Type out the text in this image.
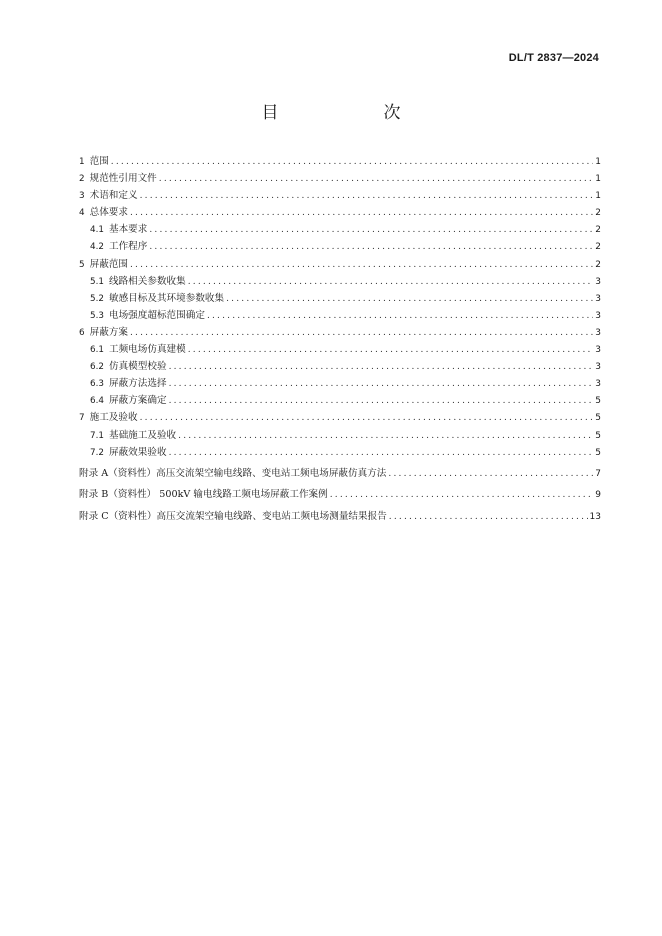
DL/T 2837—2024
目　次
1 范围 .....	1
2 规范性引用文件 .....	1
3 术语和定义 .....	1
4 总体要求 .....	2
4.1 基本要求 .....	2
4.2 工作程序 .....	2
5 屏蔽范围 .....	2
5.1 线路相关参数收集 .....	3
5.2 敏感目标及其环境参数收集 .....	3
5.3 电场强度超标范围确定 .....	3
6 屏蔽方案 .....	3
6.1 工频电场仿真建模 .....	3
6.2 仿真模型校验 .....	3
6.3 屏蔽方法选择 .....	3
6.4 屏蔽方案确定 .....	5
7 施工及验收 .....	5
7.1 基础施工及验收 .....	5
7.2 屏蔽效果验收 .....	5
附录 A（资料性）高压交流架空输电线路、变电站工频电场屏蔽仿真方法 .....	7
附录 B（资料性） 500kV 输电线路工频电场屏蔽工作案例 .....	9
附录 C（资料性）高压交流架空输电线路、变电站工频电场测量结果报告 .....	13
